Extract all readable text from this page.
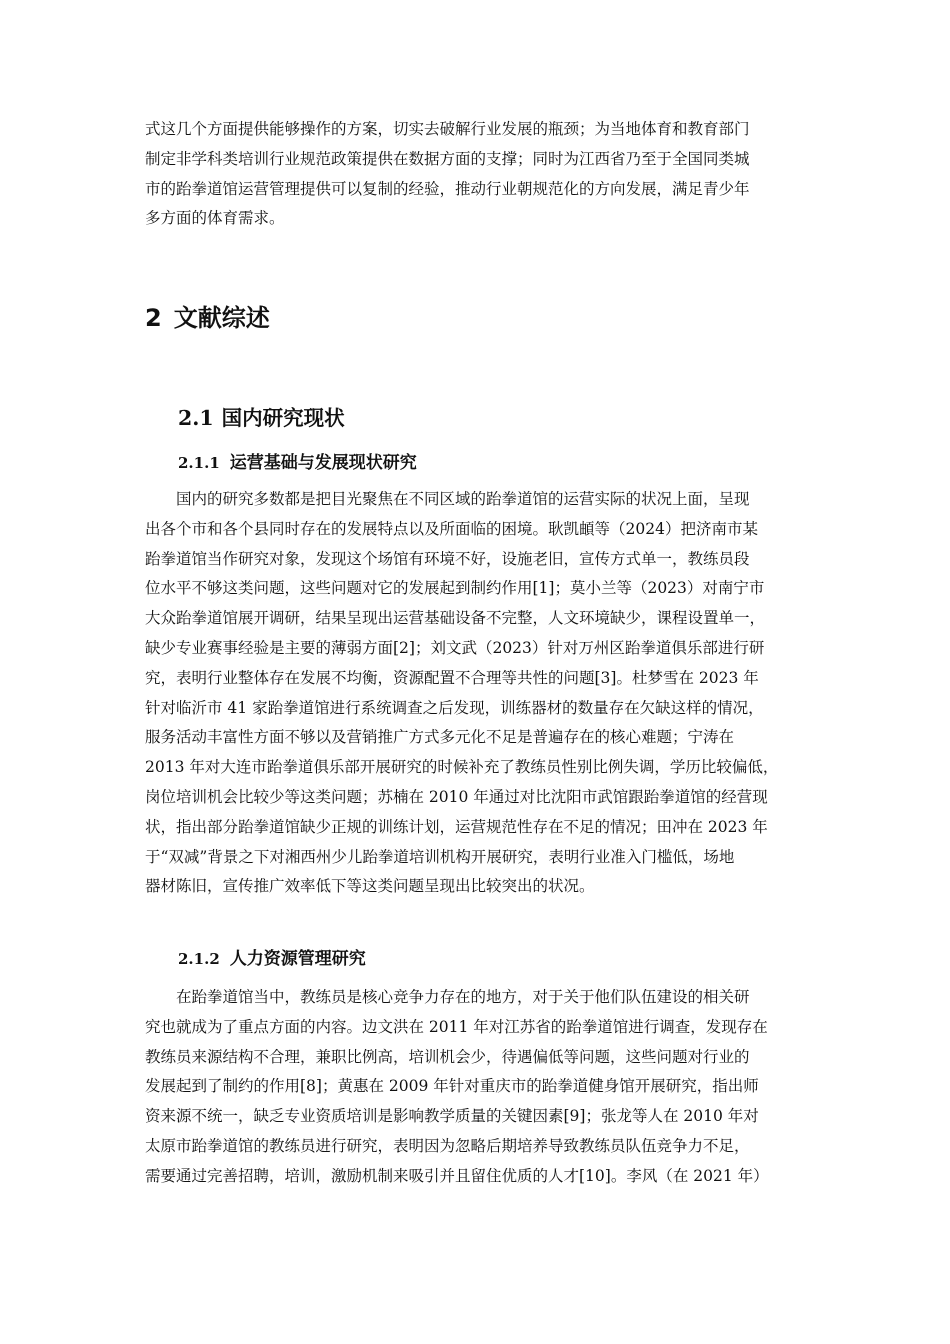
式这几个方面提供能够操作的方案，切实去破解行业发展的瓶颈；为当地体育和教育部门
制定非学科类培训行业规范政策提供在数据方面的支撑；同时为江西省乃至于全国同类城
市的跆拳道馆运营管理提供可以复制的经验，推动行业朝规范化的方向发展，满足青少年
多方面的体育需求。
2 文献综述
2.1 国内研究现状
2.1.1 运营基础与发展现状研究
　　国内的研究多数都是把目光聚焦在不同区域的跆拳道馆的运营实际的状况上面，呈现
出各个市和各个县同时存在的发展特点以及所面临的困境。耿凯頔等（2024）把济南市某
跆拳道馆当作研究对象，发现这个场馆有环境不好，设施老旧，宣传方式单一，教练员段
位水平不够这类问题，这些问题对它的发展起到制约作用[1]；莫小兰等（2023）对南宁市
大众跆拳道馆展开调研，结果呈现出运营基础设备不完整，人文环境缺少，课程设置单一，
缺少专业赛事经验是主要的薄弱方面[2]；刘文武（2023）针对万州区跆拳道俱乐部进行研
究，表明行业整体存在发展不均衡，资源配置不合理等共性的问题[3]。杜梦雪在 2023 年
针对临沂市 41 家跆拳道馆进行系统调查之后发现，训练器材的数量存在欠缺这样的情况，
服务活动丰富性方面不够以及营销推广方式多元化不足是普遍存在的核心难题；宁涛在
2013 年对大连市跆拳道俱乐部开展研究的时候补充了教练员性别比例失调，学历比较偏低，
岗位培训机会比较少等这类问题；苏楠在 2010 年通过对比沈阳市武馆跟跆拳道馆的经营现
状，指出部分跆拳道馆缺少正规的训练计划，运营规范性存在不足的情况；田冲在 2023 年
于“双减”背景之下对湘西州少儿跆拳道培训机构开展研究，表明行业准入门槛低，场地
器材陈旧，宣传推广效率低下等这类问题呈现出比较突出的状况。
2.1.2 人力资源管理研究
　　在跆拳道馆当中，教练员是核心竞争力存在的地方，对于关于他们队伍建设的相关研
究也就成为了重点方面的内容。边文洪在 2011 年对江苏省的跆拳道馆进行调查，发现存在
教练员来源结构不合理，兼职比例高，培训机会少，待遇偏低等问题，这些问题对行业的
发展起到了制约的作用[8]；黄惠在 2009 年针对重庆市的跆拳道健身馆开展研究，指出师
资来源不统一，缺乏专业资质培训是影响教学质量的关键因素[9]；张龙等人在 2010 年对
太原市跆拳道馆的教练员进行研究，表明因为忽略后期培养导致教练员队伍竞争力不足，
需要通过完善招聘，培训，激励机制来吸引并且留住优质的人才[10]。李风（在 2021 年）
